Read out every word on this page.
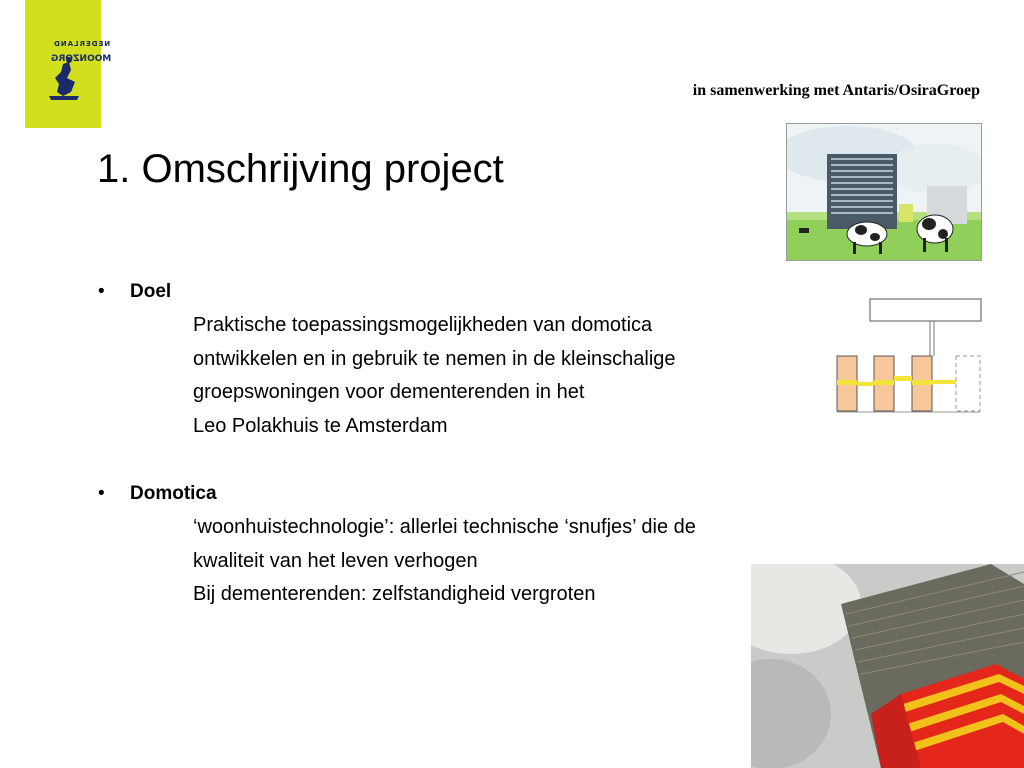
NEDERLAND
MOONZORG
in samenwerking met Antaris/OsiraGroep
1. Omschrijving project
• Doel
Praktische toepassingsmogelijkheden van domotica
ontwikkelen en in gebruik te nemen in de kleinschalige
groepswoningen voor dementerenden in het
Leo Polakhuis te Amsterdam
• Domotica
‘woonhuistechnologie’: allerlei technische ‘snufjes’ die de
kwaliteit van het leven verhogen
Bij dementerenden: zelfstandigheid vergroten
